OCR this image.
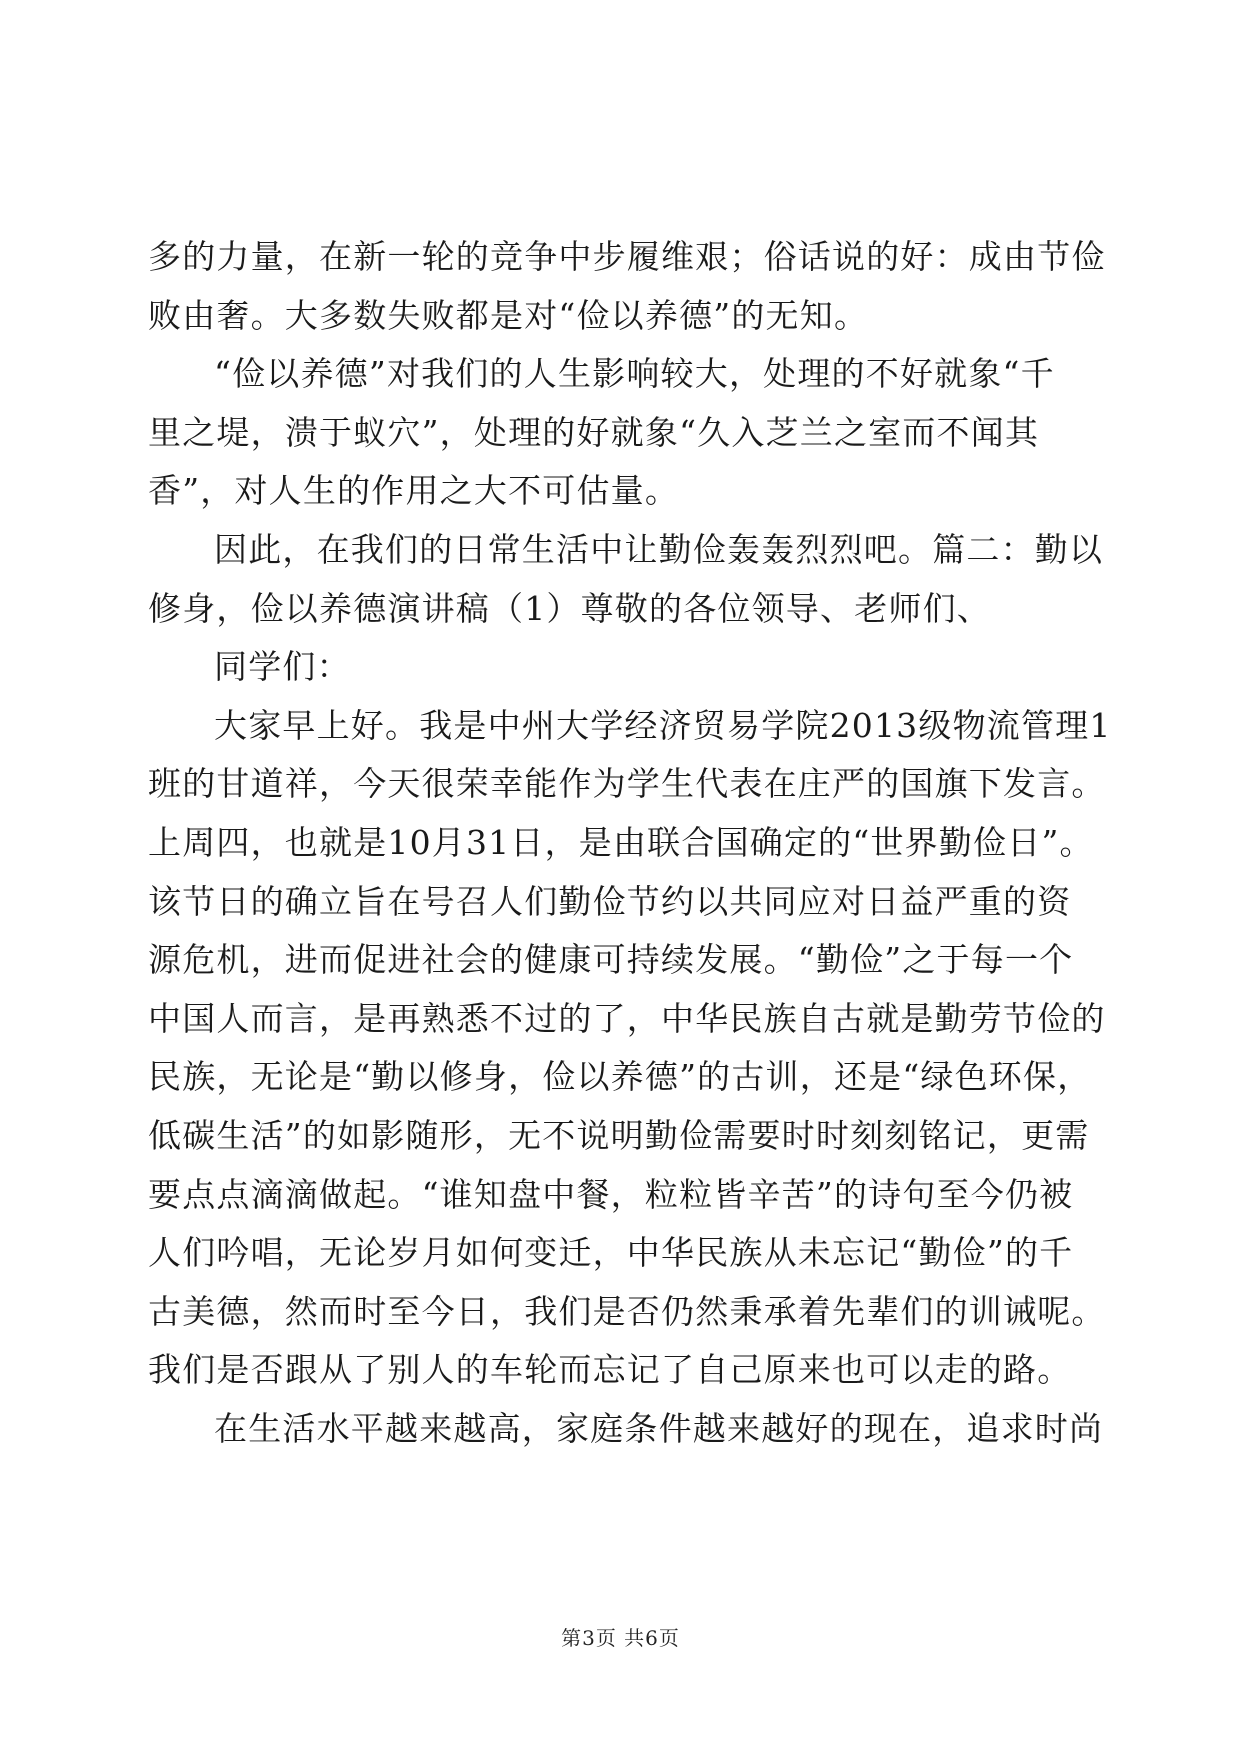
多的力量，在新一轮的竞争中步履维艰；俗话说的好：成由节俭
败由奢。大多数失败都是对“俭以养德”的无知。
“俭以养德”对我们的人生影响较大，处理的不好就象“千
里之堤，溃于蚁穴”，处理的好就象“久入芝兰之室而不闻其
香”，对人生的作用之大不可估量。
因此，在我们的日常生活中让勤俭轰轰烈烈吧。篇二：勤以
修身，俭以养德演讲稿（1）尊敬的各位领导、老师们、
同学们：
大家早上好。我是中州大学经济贸易学院2013级物流管理1
班的甘道祥，今天很荣幸能作为学生代表在庄严的国旗下发言。
上周四，也就是10月31日，是由联合国确定的“世界勤俭日”。
该节日的确立旨在号召人们勤俭节约以共同应对日益严重的资
源危机，进而促进社会的健康可持续发展。“勤俭”之于每一个
中国人而言，是再熟悉不过的了，中华民族自古就是勤劳节俭的
民族，无论是“勤以修身，俭以养德”的古训，还是“绿色环保，
低碳生活”的如影随形，无不说明勤俭需要时时刻刻铭记，更需
要点点滴滴做起。“谁知盘中餐，粒粒皆辛苦”的诗句至今仍被
人们吟唱，无论岁月如何变迁，中华民族从未忘记“勤俭”的千
古美德，然而时至今日，我们是否仍然秉承着先辈们的训诫呢。
我们是否跟从了别人的车轮而忘记了自己原来也可以走的路。
在生活水平越来越高，家庭条件越来越好的现在，追求时尚
第3页 共6页
